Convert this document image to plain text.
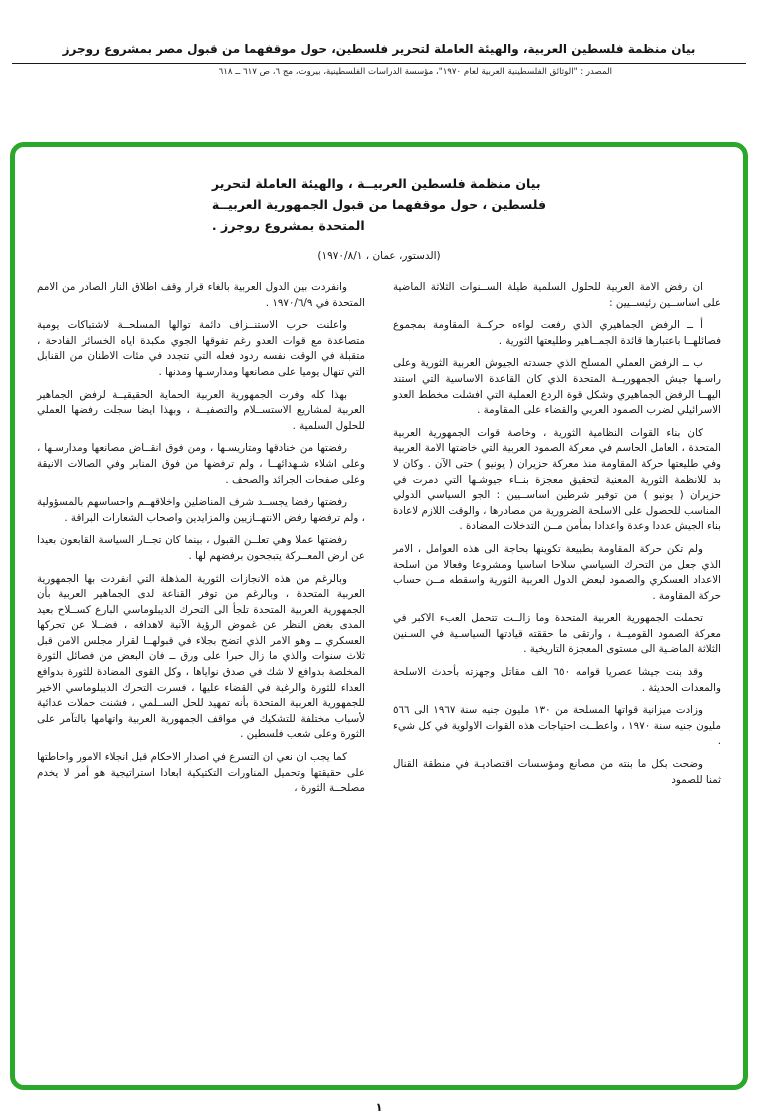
بيان منظمة فلسطين العربية، والهيئة العاملة لتحرير فلسطين، حول موقفهما من قبول مصر بمشروع روجرز
المصدر : "الوثائق الفلسطينية العربية لعام ١٩٧٠"، مؤسسة الدراسات الفلسطينية، بيروت، مج ٦، ص ٦١٧ ــ ٦١٨
بيان منظمة فلسطين العربيــة ، والهيئة العاملة لتحرير
فلسطين ، حول موقفهما من قبول الجمهورية العربيــة
المتحدة بمشروع روجرز .
(الدستور، عمان ، ١٩٧٠/٨/١)

ان رفض الامة العربية للحلول السلمية طيلة الســنوات الثلاثة الماضية على اساســين رئيســيين :

أ ــ الرفض الجماهيري الذي رفعت لواءه حركــة المقاومة بمجموع فصائلهــا باعتبارها قائدة الجمــاهير وطليعتها الثورية .

ب ــ الرفض العملي المسلح الذي جسدته الجيوش العربية الثورية وعلى راسـها جيش الجمهوريــة المتحدة الذي كان القاعدة الاساسية التي استند اليهــا الرفض الجماهيري وشكل قوة الردع العملية التي افشلت مخطط العدو الاسرائيلي لضرب الصمود العربي والقضاء على المقاومة .

كان بناء القوات النظامية الثورية ، وخاصة قوات الجمهورية العربية المتحدة ، العامل الحاسم في معركة الصمود العربية التي خاضتها الامة العربية وفي طليعتها حركة المقاومة منذ معركة حزيران ( يونيو ) حتى الآن . وكان لا بد للانظمة الثورية المعنية لتحقيق معجزة بنــاء جيوشـها التي دمرت في حزيران ( يونيو ) من توفير شرطين اساســيين : الجو السياسي الدولي المناسب للحصول على الاسلحة الضرورية من مصادرها ، والوقت اللازم لاعادة بناء الجيش عددا وعدة واعدادا بمأمن مــن التدخلات المضادة .

ولم تكن حركة المقاومة بطبيعة تكوينها بحاجة الى هذه العوامل ، الامر الذي جعل من التحرك السياسي سلاحا اساسيا ومشروعا وفعالا من اسلحة الاعداد العسكري والصمود لبعض الدول العربية الثورية واسقطه مــن حساب حركة المقاومة .

تحملت الجمهورية العربية المتحدة وما زالــت تتحمل العبء الاكبر في معركة الصمود القوميــة ، وارتقى ما حققته قيادتها السياسـية في السـنين الثلاثة الماضـية الى مستوى المعجزة التاريخية .

وقد بنت جيشا عصريا قوامه ٦٥٠ الف مقاتل وجهزته بأحدث الاسلحة والمعدات الحديثة .

وزادت ميزانية قواتها المسلحة من ١٣٠ مليون جنيه سنة ١٩٦٧ الى ٥٦٦ مليون جنيه سنة ١٩٧٠ ، واعطــت احتياجات هذه القوات الاولوية في كل شيء .

وضحت بكل ما بنته من مصانع ومؤسسات اقتصاديـة في منطقة القنال ثمنا للصمود

وانفردت بين الدول العربية بالغاء قرار وقف اطلاق النار الصادر من الامم المتحدة في ١٩٧٠/٦/٩ .

واعلنت حرب الاستنــزاف دائمة توالها المسلحــة لاشتباكات يومية متصاعدة مع قوات العدو رغم تفوقها الجوي مكبدة اياه الخسائر الفادحة ، متقبلة في الوقت نفسه ردود فعله التي تتجدد في مئات الاطنان من القنابل التي تنهال يوميا على مصانعها ومدارسـها ومدنها .

بهذا كله وفرت الجمهورية العربية الحماية الحقيقيــة لرفض الجماهير العربية لمشاريع الاستســلام والتصفيــة ، وبهذا ايضا سجلت رفضها العملي للحلول السلمية .

رفضتها من خنادقها ومتاريسـها ، ومن فوق انقــاض مصانعها ومدارسـها ، وعلى اشلاء شـهدائهــا ، ولم ترفضها من فوق المنابر وفي الصالات الانيقة وعلى صفحات الجرائد والصحف .

رفضتها رفضا يجســد شرف المناضلين واخلاقهــم واحساسهم بالمسؤولية ، ولم ترفضها رفض الانتهــازيين والمزايدين واصحاب الشعارات البراقة .

رفضتها عملا وهي تعلــن القبول ، بينما كان تجــار السياسة القابعون بعيدا عن ارض المعــركة يتبجحون برفضهم لها .

وبالرغم من هذه الانجازات الثورية المذهلة التي انفردت بها الجمهورية العربية المتحدة ، وبالرغم من توفر القناعة لدى الجماهير العربية بأن الجمهورية العربية المتحدة تلجأ الى التحرك الديبلوماسي البارع كســلاح بعيد المدى بغض النظر عن غموض الرؤية الآنية لاهدافه ، فضــلا عن تحركها العسكري ــ وهو الامر الذي اتضح بجلاء في قبولهــا لقرار مجلس الامن قبل ثلاث سنوات والذي ما زال حبرا على ورق ــ فان البعض من فصائل الثورة المخلصة بدوافع لا شك في صدق نواياها ، وكل القوى المضادة للثورة بدوافع العداء للثورة والرغبة في القضاء عليها ، فسرت التحرك الديبلوماسي الاخير للجمهورية العربية المتحدة بأنه تمهيد للحل الســلمي ، فشنت حملات عدائية لأسباب مختلفة للتشكيك في مواقف الجمهورية العربية واتهامها بالتآمر على الثورة وعلى شعب فلسطين .

كما يجب ان نعي ان التسرع في اصدار الاحكام قبل انجلاء الامور واحاطتها على حقيقتها وتحميل المناورات التكتيكية ابعادا استراتيجية هو أمر لا يخدم مصلحــة الثورة ،

١
